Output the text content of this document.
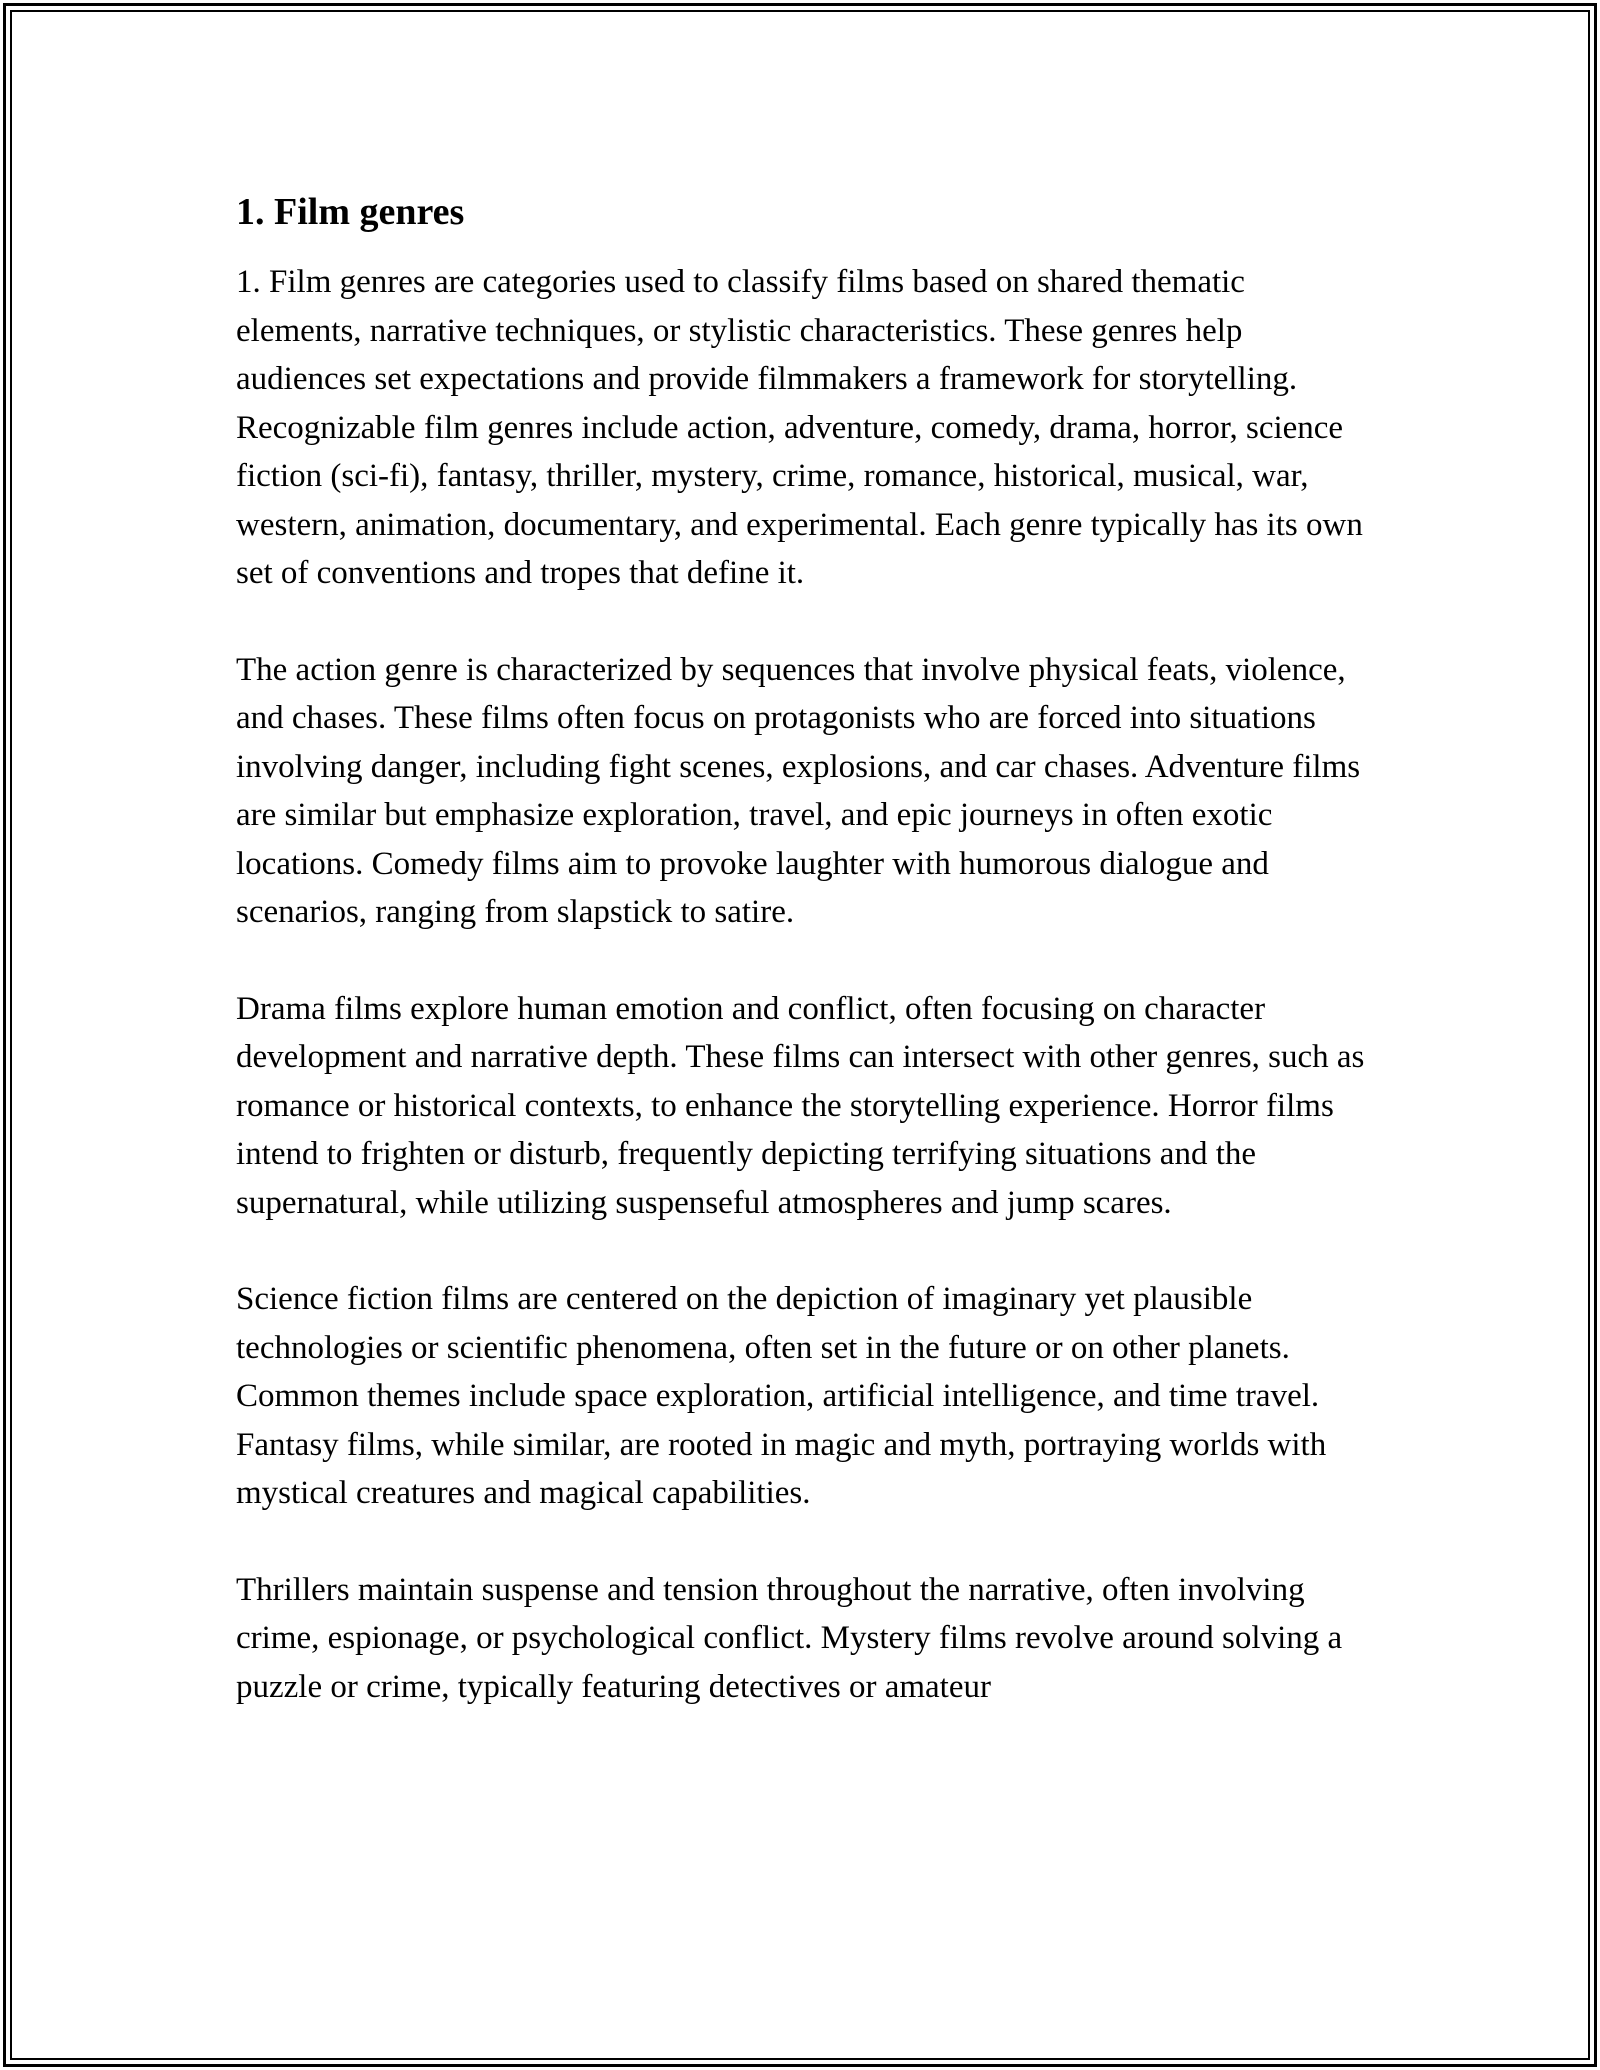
1. Film genres

1. Film genres are categories used to classify films based on shared thematic elements, narrative techniques, or stylistic characteristics. These genres help audiences set expectations and provide filmmakers a framework for storytelling. Recognizable film genres include action, adventure, comedy, drama, horror, science fiction (sci-fi), fantasy, thriller, mystery, crime, romance, historical, musical, war, western, animation, documentary, and experimental. Each genre typically has its own set of conventions and tropes that define it.

The action genre is characterized by sequences that involve physical feats, violence, and chases. These films often focus on protagonists who are forced into situations involving danger, including fight scenes, explosions, and car chases. Adventure films are similar but emphasize exploration, travel, and epic journeys in often exotic locations. Comedy films aim to provoke laughter with humorous dialogue and scenarios, ranging from slapstick to satire.

Drama films explore human emotion and conflict, often focusing on character development and narrative depth. These films can intersect with other genres, such as romance or historical contexts, to enhance the storytelling experience. Horror films intend to frighten or disturb, frequently depicting terrifying situations and the supernatural, while utilizing suspenseful atmospheres and jump scares.

Science fiction films are centered on the depiction of imaginary yet plausible technologies or scientific phenomena, often set in the future or on other planets. Common themes include space exploration, artificial intelligence, and time travel. Fantasy films, while similar, are rooted in magic and myth, portraying worlds with mystical creatures and magical capabilities.

Thrillers maintain suspense and tension throughout the narrative, often involving crime, espionage, or psychological conflict. Mystery films revolve around solving a puzzle or crime, typically featuring detectives or amateur
